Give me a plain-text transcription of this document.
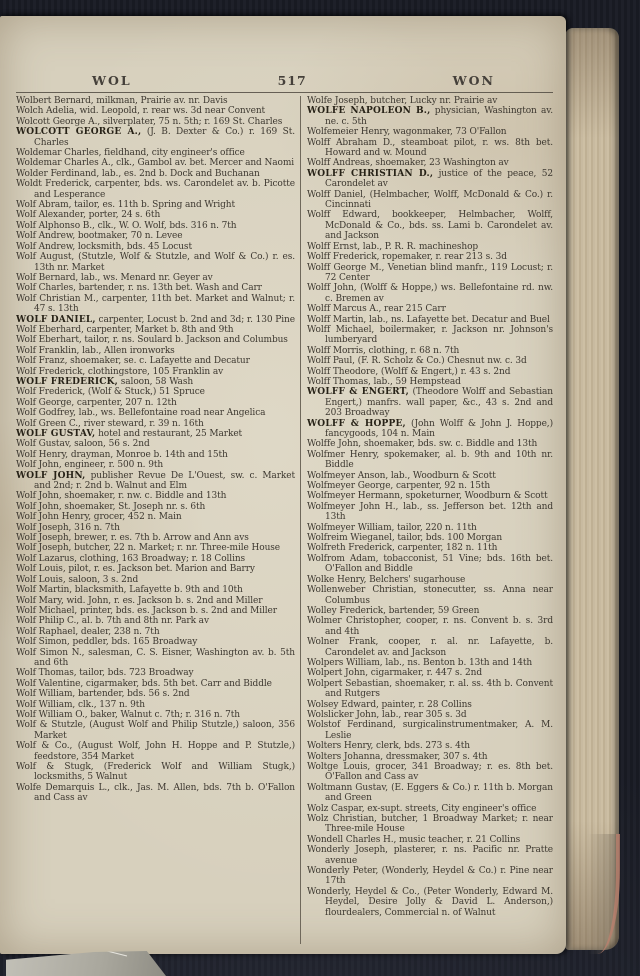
WOL	517	WON

Wolbert Bernard, milkman, Prairie av. nr. Davis

Wolch Adelia, wid. Leopold, r. rear ws. 3d near Convent

Wolcott George A., silverplater, 75 n. 5th; r. 169 St. Charles

WOLCOTT GEORGE A., (J. B. Dexter & Co.) r. 169 St. Charles

Woldemar Charles, fieldhand, city engineer's office

Woldemar Charles A., clk., Gambol av. bet. Mercer and Naomi

Wolder Ferdinand, lab., es. 2nd b. Dock and Buchanan

Woldt Frederick, carpenter, bds. ws. Carondelet av. b. Picotte and Lesperance

Wolf Abram, tailor, es. 11th b. Spring and Wright

Wolf Alexander, porter, 24 s. 6th

Wolf Alphonso B., clk., W. O. Wolf, bds. 316 n. 7th

Wolf Andrew, bootmaker, 70 n. Levee

Wolf Andrew, locksmith, bds. 45 Locust

Wolf August, (Stutzle, Wolf & Stutzle, and Wolf & Co.) r. es. 13th nr. Market

Wolf Bernard, lab., ws. Menard nr. Geyer av

Wolf Charles, bartender, r. ns. 13th bet. Wash and Carr

Wolf Christian M., carpenter, 11th bet. Market and Walnut; r. 47 s. 13th

WOLF DANIEL, carpenter, Locust b. 2nd and 3d; r. 130 Pine

Wolf Eberhard, carpenter, Market b. 8th and 9th

Wolf Eberhart, tailor, r. ns. Soulard b. Jackson and Columbus

Wolf Franklin, lab., Allen ironworks

Wolf Franz, shoemaker, se. c. Lafayette and Decatur

Wolf Frederick, clothingstore, 105 Franklin av

WOLF FREDERICK, saloon, 58 Wash

Wolf Frederick, (Wolf & Stuck,) 51 Spruce

Wolf George, carpenter, 207 n. 12th

Wolf Godfrey, lab., ws. Bellefontaine road near Angelica

Wolf Green C., river steward, r. 39 n. 16th

WOLF GUSTAV, hotel and restaurant, 25 Market

Wolf Gustav, saloon, 56 s. 2nd

Wolf Henry, drayman, Monroe b. 14th and 15th

Wolf John, engineer, r. 500 n. 9th

WOLF JOHN, publisher Revue De L'Ouest, sw. c. Market and 2nd; r. 2nd b. Walnut and Elm

Wolf John, shoemaker, r. nw. c. Biddle and 13th

Wolf John, shoemaker, St. Joseph nr. s. 6th

Wolf John Henry, grocer, 452 n. Main

Wolf Joseph, 316 n. 7th

Wolf Joseph, brewer, r. es. 7th b. Arrow and Ann avs

Wolf Joseph, butcher, 22 n. Market; r. nr. Three-mile House

Wolf Lazarus, clothing, 163 Broadway; r. 18 Collins

Wolf Louis, pilot, r. es. Jackson bet. Marion and Barry

Wolf Louis, saloon, 3 s. 2nd

Wolf Martin, blacksmith, Lafayette b. 9th and 10th

Wolf Mary, wid. John, r. es. Jackson b. s. 2nd and Miller

Wolf Michael, printer, bds. es. Jackson b. s. 2nd and Miller

Wolf Philip C., al. b. 7th and 8th nr. Park av

Wolf Raphael, dealer, 238 n. 7th

Wolf Simon, peddler, bds. 165 Broadway

Wolf Simon N., salesman, C. S. Eisner, Washington av. b. 5th and 6th

Wolf Thomas, tailor, bds. 723 Broadway

Wolf Valentine, cigarmaker, bds. 5th bet. Carr and Biddle

Wolf William, bartender, bds. 56 s. 2nd

Wolf William, clk., 137 n. 9th

Wolf William O., baker, Walnut c. 7th; r. 316 n. 7th

Wolf & Stutzle, (August Wolf and Philip Stutzle,) saloon, 356 Market

Wolf & Co., (August Wolf, John H. Hoppe and P. Stutzle,) feedstore, 354 Market

Wolf & Stugk, (Frederick Wolf and William Stugk,) locksmiths, 5 Walnut

Wolfe Demarquis L., clk., Jas. M. Allen, bds. 7th b. O'Fallon and Cass av

Wolfe Joseph, butcher, Lucky nr. Prairie av

WOLFE NAPOLEON B., physician, Washington av. ne. c. 5th

Wolfemeier Henry, wagonmaker, 73 O'Fallon

Wolff Abraham D., steamboat pilot, r. ws. 8th bet. Howard and w. Mound

Wolff Andreas, shoemaker, 23 Washington av

WOLFF CHRISTIAN D., justice of the peace, 52 Carondelet av

Wolff Daniel, (Helmbacher, Wolff, McDonald & Co.) r. Cincinnati

Wolff Edward, bookkeeper, Helmbacher, Wolff, McDonald & Co., bds. ss. Lami b. Carondelet av. and Jackson

Wolff Ernst, lab., P. R. R. machineshop

Wolff Frederick, ropemaker, r. rear 213 s. 3d

Wolff George M., Venetian blind manfr., 119 Locust; r. 72 Center

Wolff John, (Wolff & Hoppe,) ws. Bellefontaine rd. nw. c. Bremen av

Wolff Marcus A., rear 215 Carr

Wolff Martin, lab., ns. Lafayette bet. Decatur and Buel

Wolff Michael, boilermaker, r. Jackson nr. Johnson's lumberyard

Wolff Morris, clothing, r. 68 n. 7th

Wolff Paul, (F. R. Scholz & Co.) Chesnut nw. c. 3d

Wolff Theodore, (Wolff & Engert,) r. 43 s. 2nd

Wolff Thomas, lab., 59 Hempstead

WOLFF & ENGERT, (Theodore Wolff and Sebastian Engert,) manfrs. wall paper, &c., 43 s. 2nd and 203 Broadway

WOLFF & HOPPE, (John Wolff & John J. Hoppe,) fancygoods, 104 n. Main

Wolffe John, shoemaker, bds. sw. c. Biddle and 13th

Wolfmer Henry, spokemaker, al. b. 9th and 10th nr. Biddle

Wolfmeyer Anson, lab., Woodburn & Scott

Wolfmeyer George, carpenter, 92 n. 15th

Wolfmeyer Hermann, spoketurner, Woodburn & Scott

Wolfmeyer John H., lab., ss. Jefferson bet. 12th and 13th

Wolfmeyer William, tailor, 220 n. 11th

Wolfreim Wieganel, tailor, bds. 100 Morgan

Wolfreth Frederick, carpenter, 182 n. 11th

Wolfrom Adam, tobacconist, 51 Vine; bds. 16th bet. O'Fallon and Biddle

Wolke Henry, Belchers' sugarhouse

Wollenweber Christian, stonecutter, ss. Anna near Columbus

Wolley Frederick, bartender, 59 Green

Wolmer Christopher, cooper, r. ns. Convent b. s. 3rd and 4th

Wolner Frank, cooper, r. al. nr. Lafayette, b. Carondelet av. and Jackson

Wolpers William, lab., ns. Benton b. 13th and 14th

Wolpert John, cigarmaker, r. 447 s. 2nd

Wolpert Sebastian, shoemaker, r. al. ss. 4th b. Convent and Rutgers

Wolsey Edward, painter, r. 28 Collins

Wolslicker John, lab., rear 305 s. 3d

Wolstof Ferdinand, surgicalinstrumentmaker, A. M. Leslie

Wolters Henry, clerk, bds. 273 s. 4th

Wolters Johanna, dressmaker, 307 s. 4th

Woltge Louis, grocer, 341 Broadway; r. es. 8th bet. O'Fallon and Cass av

Woltmann Gustav, (E. Eggers & Co.) r. 11th b. Morgan and Green

Wolz Caspar, ex-supt. streets, City engineer's office

Wolz Christian, butcher, 1 Broadway Market; r. near Three-mile House

Wondell Charles H., music teacher, r. 21 Collins

Wonderly Joseph, plasterer, r. ns. Pacific nr. Pratte avenue

Wonderly Peter, (Wonderly, Heydel & Co.) r. Pine near 17th

Wonderly, Heydel & Co., (Peter Wonderly, Edward M. Heydel, Desire Jolly & David L. Anderson,) flourdealers, Commercial n. of Walnut
